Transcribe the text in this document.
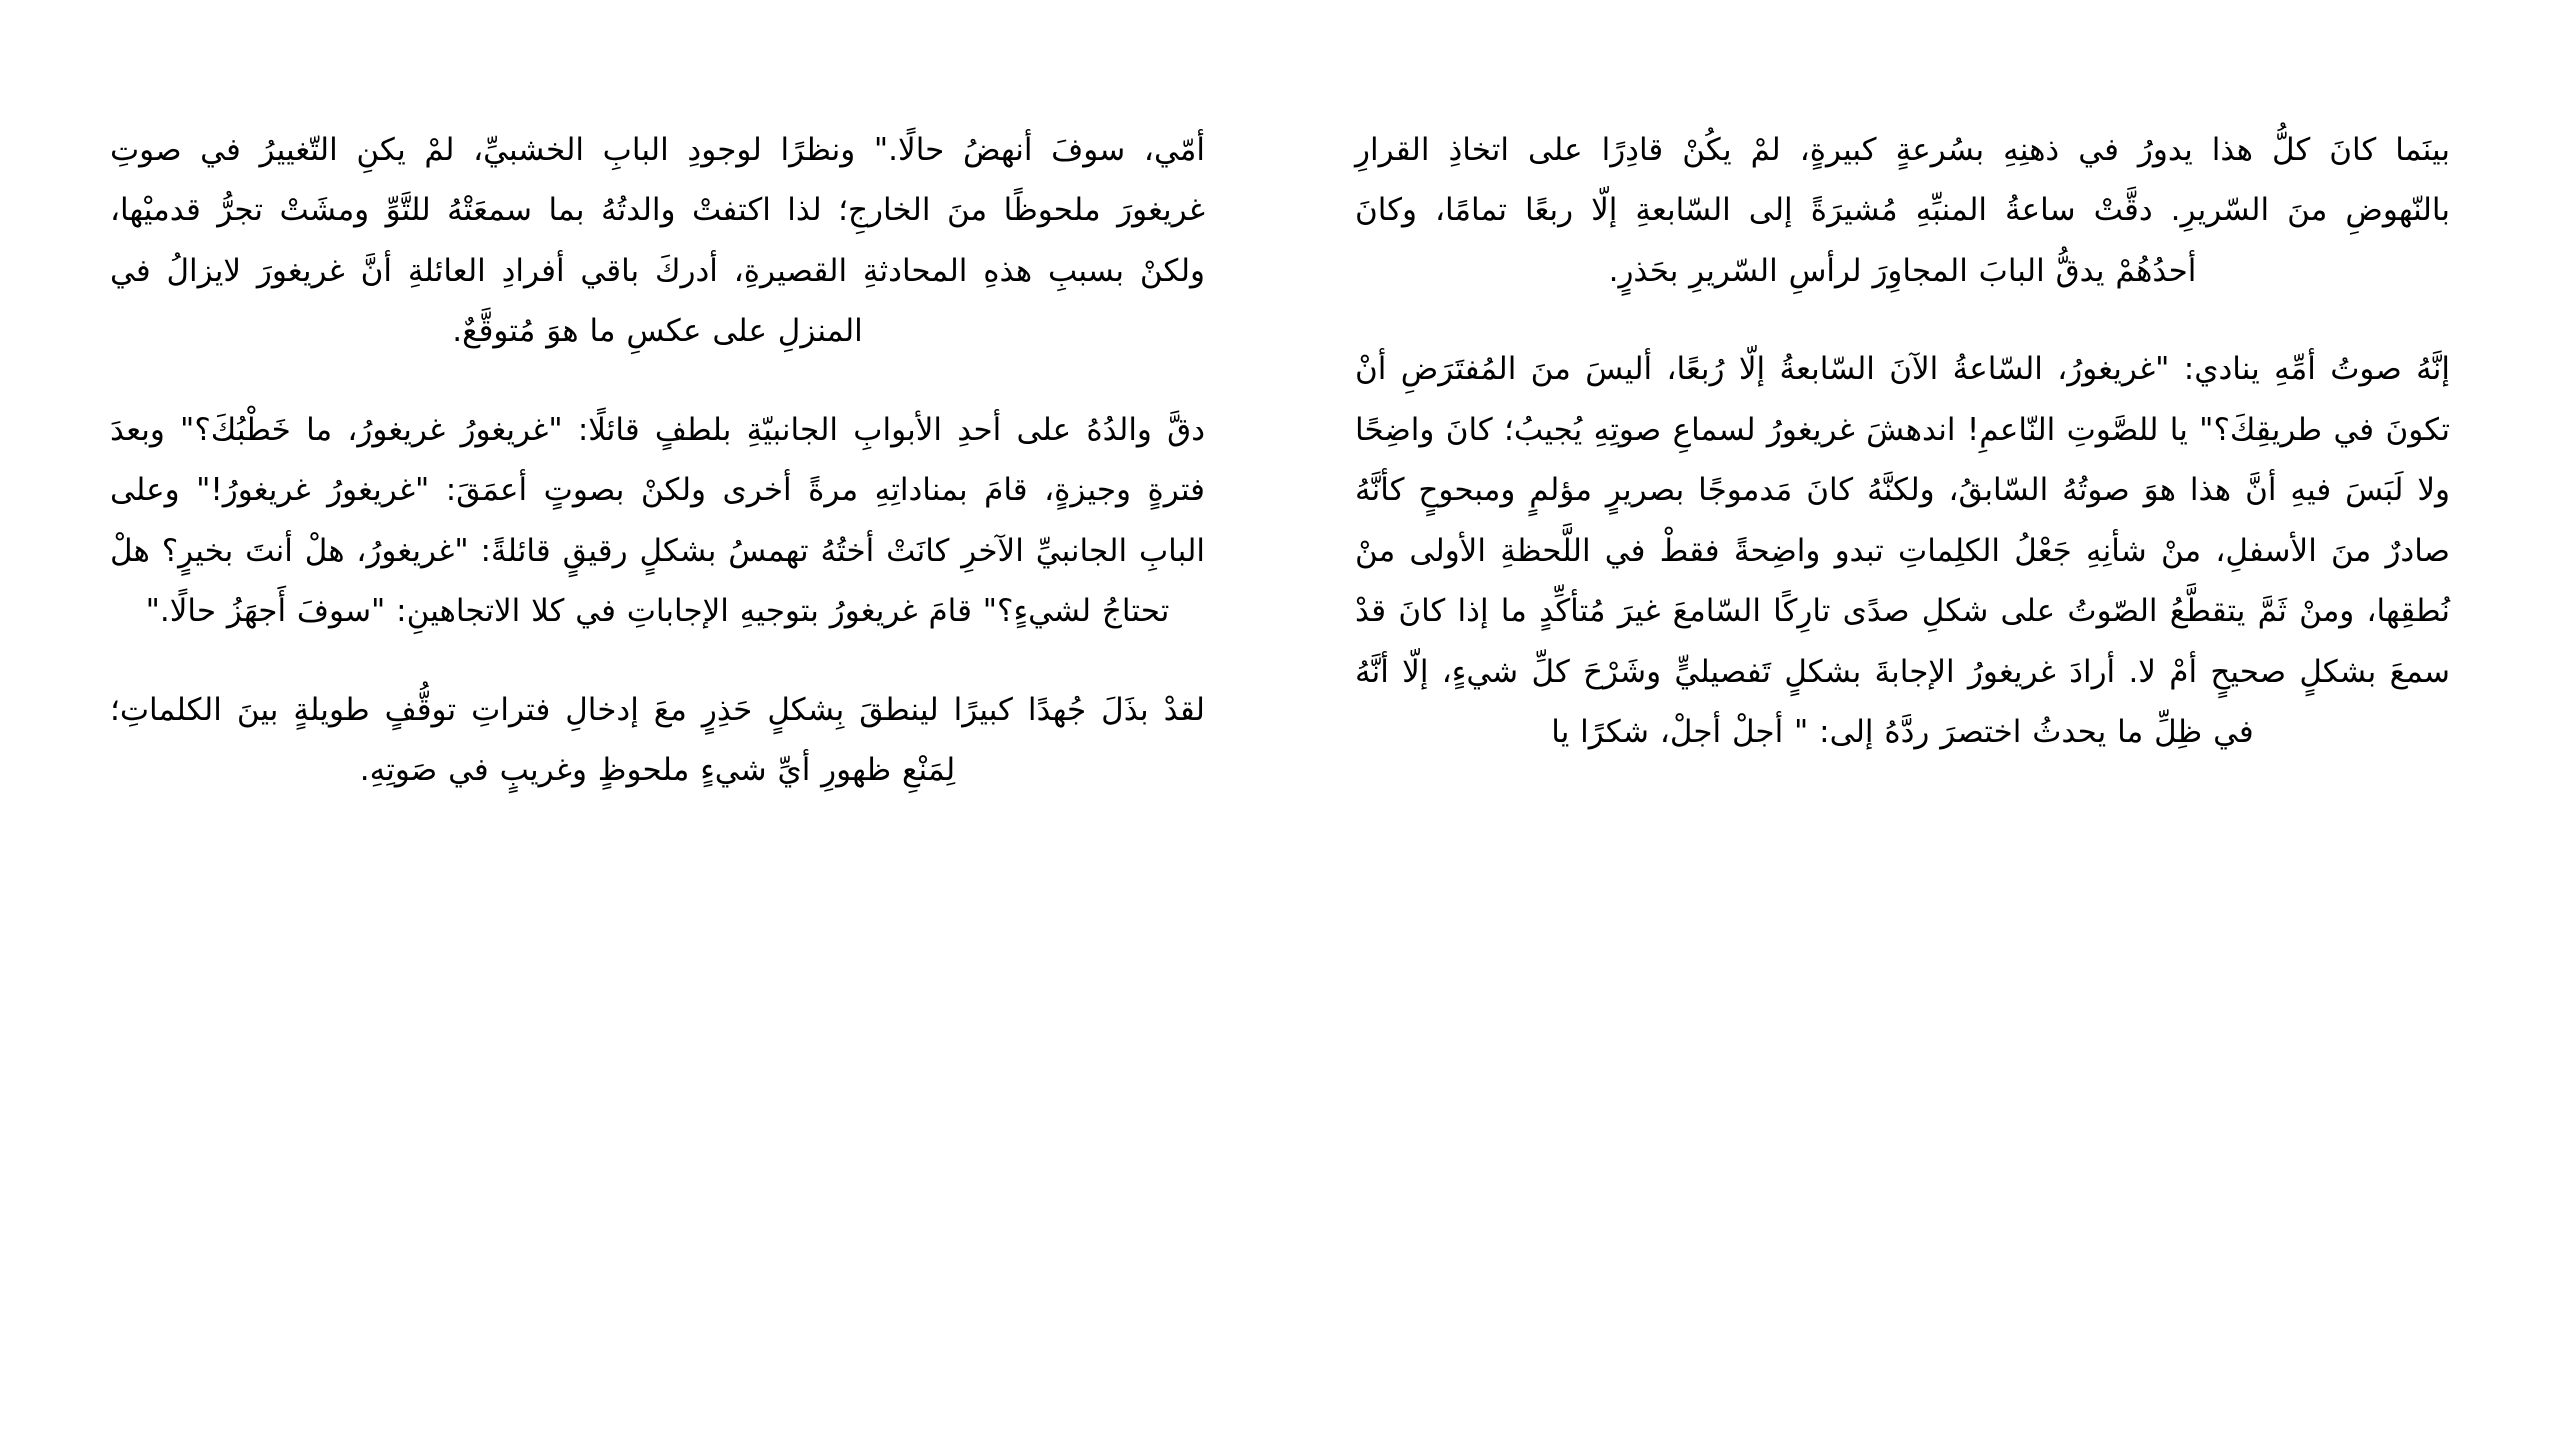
بينَما كانَ كلُّ هذا يدورُ في ذهنِهِ بسُرعةٍ كبيرةٍ، لمْ يكُنْ قادِرًا على اتخاذِ القرارِ بالنّهوضِ منَ السّريرِ. دقَّتْ ساعةُ المنبِّهِ مُشيرَةً إلى السّابعةِ إلّا ربعًا تمامًا، وكانَ أحدُهُمْ يدقُّ البابَ المجاوِرَ لرأسِ السّريرِ بحَذرٍ.

إنَّهُ صوتُ أمِّهِ ينادي: "غريغورُ، السّاعةُ الآنَ السّابعةُ إلّا رُبعًا، أليسَ منَ المُفتَرَضِ أنْ تكونَ في طريقِكَ؟" يا للصَّوتِ النّاعمِ! اندهشَ غريغورُ لسماعِ صوتِهِ يُجيبُ؛ كانَ واضِحًا ولا لَبَسَ فيهِ أنَّ هذا هوَ صوتُهُ السّابقُ، ولكنَّهُ كانَ مَدموجًا بصريرٍ مؤلمٍ ومبحوحٍ كأنَّهُ صادرٌ منَ الأسفلِ، منْ شأنِهِ جَعْلُ الكلِماتِ تبدو واضِحةً فقطْ في اللَّحظةِ الأولى منْ نُطقِها، ومنْ ثَمَّ يتقطَّعُ الصّوتُ على شكلِ صدًى تارِكًا السّامعَ غيرَ مُتأكِّدٍ ما إذا كانَ قدْ سمعَ بشكلٍ صحيحٍ أمْ لا. أرادَ غريغورُ الإجابةَ بشكلٍ تَفصيليٍّ وشَرْحَ كلِّ شيءٍ، إلّا أنَّهُ في ظِلِّ ما يحدثُ اختصرَ ردَّهُ إلى: " أجلْ أجلْ، شكرًا يا

أمّي، سوفَ أنهضُ حالًا." ونظرًا لوجودِ البابِ الخشبيِّ، لمْ يكنِ التّغييرُ في صوتِ غريغورَ ملحوظًا منَ الخارجِ؛ لذا اكتفتْ والدتُهُ بما سمعَتْهُ للتَّوِّ ومشَتْ تجرُّ قدميْها، ولكنْ بسببِ هذهِ المحادثةِ القصيرةِ، أدركَ باقي أفرادِ العائلةِ أنَّ غريغورَ لايزالُ في المنزلِ على عكسِ ما هوَ مُتوقَّعٌ.

دقَّ والدُهُ على أحدِ الأبوابِ الجانبيّةِ بلطفٍ قائلًا: "غريغورُ غريغورُ، ما خَطْبُكَ؟" وبعدَ فترةٍ وجيزةٍ، قامَ بمناداتِهِ مرةً أخرى ولكنْ بصوتٍ أعمَقَ: "غريغورُ غريغورُ!" وعلى البابِ الجانبيِّ الآخرِ كانَتْ أختُهُ تهمسُ بشكلٍ رقيقٍ قائلةً: "غريغورُ، هلْ أنتَ بخيرٍ؟ هلْ تحتاجُ لشيءٍ؟" قامَ غريغورُ بتوجيهِ الإجاباتِ في كلا الاتجاهينِ: "سوفَ أَجهَزُ حالًا."

لقدْ بذَلَ جُهدًا كبيرًا لينطقَ بِشكلٍ حَذِرٍ معَ إدخالِ فتراتِ توقُّفٍ طويلةٍ بينَ الكلماتِ؛ لِمَنْعِ ظهورِ أيِّ شيءٍ ملحوظٍ وغريبٍ في صَوتِهِ.
